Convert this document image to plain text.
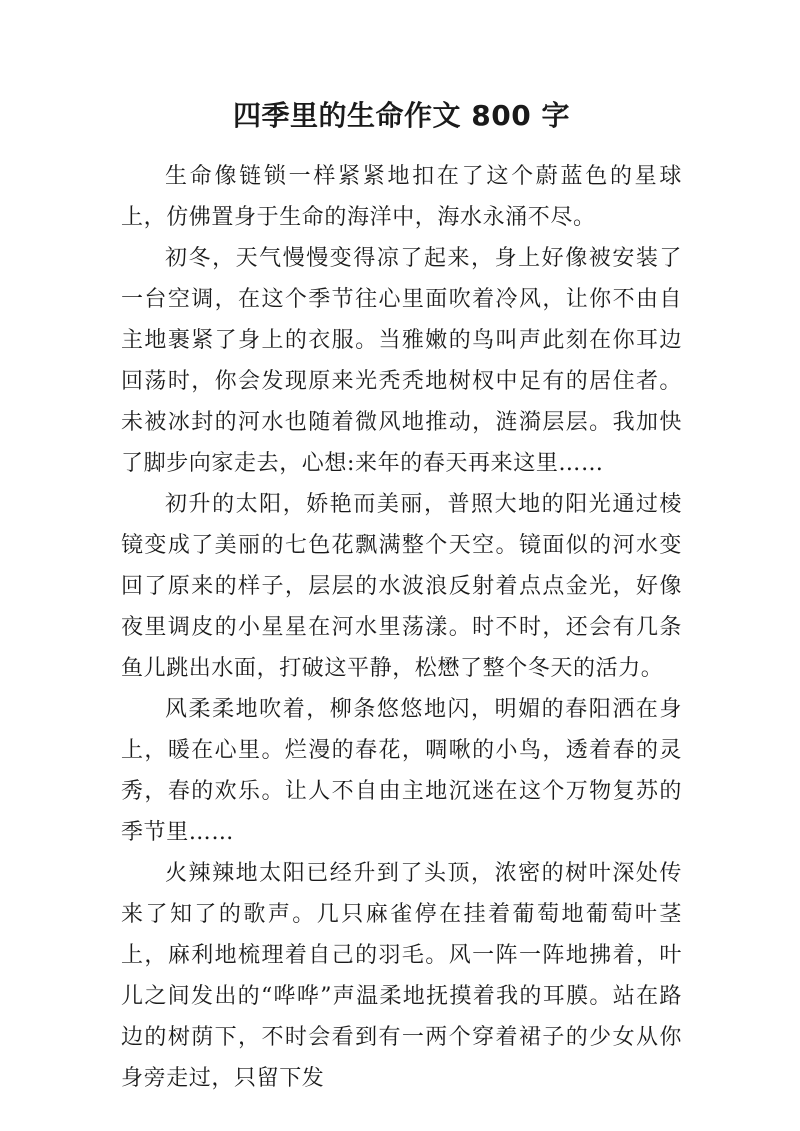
四季里的生命作文 800 字

生命像链锁一样紧紧地扣在了这个蔚蓝色的星球上，仿佛置身于生命的海洋中，海水永涌不尽。

初冬，天气慢慢变得凉了起来，身上好像被安装了一台空调，在这个季节往心里面吹着冷风，让你不由自主地裹紧了身上的衣服。当雅嫩的鸟叫声此刻在你耳边回荡时，你会发现原来光秃秃地树杈中足有的居住者。未被冰封的河水也随着微风地推动，涟漪层层。我加快了脚步向家走去，心想:来年的春天再来这里……

初升的太阳，娇艳而美丽，普照大地的阳光通过棱镜变成了美丽的七色花飘满整个天空。镜面似的河水变回了原来的样子，层层的水波浪反射着点点金光，好像夜里调皮的小星星在河水里荡漾。时不时，还会有几条鱼儿跳出水面，打破这平静，松懋了整个冬天的活力。

风柔柔地吹着，柳条悠悠地闪，明媚的春阳洒在身上，暖在心里。烂漫的春花，啁啾的小鸟，透着春的灵秀，春的欢乐。让人不自由主地沉迷在这个万物复苏的季节里……

火辣辣地太阳已经升到了头顶，浓密的树叶深处传来了知了的歌声。几只麻雀停在挂着葡萄地葡萄叶茎上，麻利地梳理着自己的羽毛。风一阵一阵地拂着，叶儿之间发出的“哗哗”声温柔地抚摸着我的耳膜。站在路边的树荫下，不时会看到有一两个穿着裙子的少女从你身旁走过，只留下发
